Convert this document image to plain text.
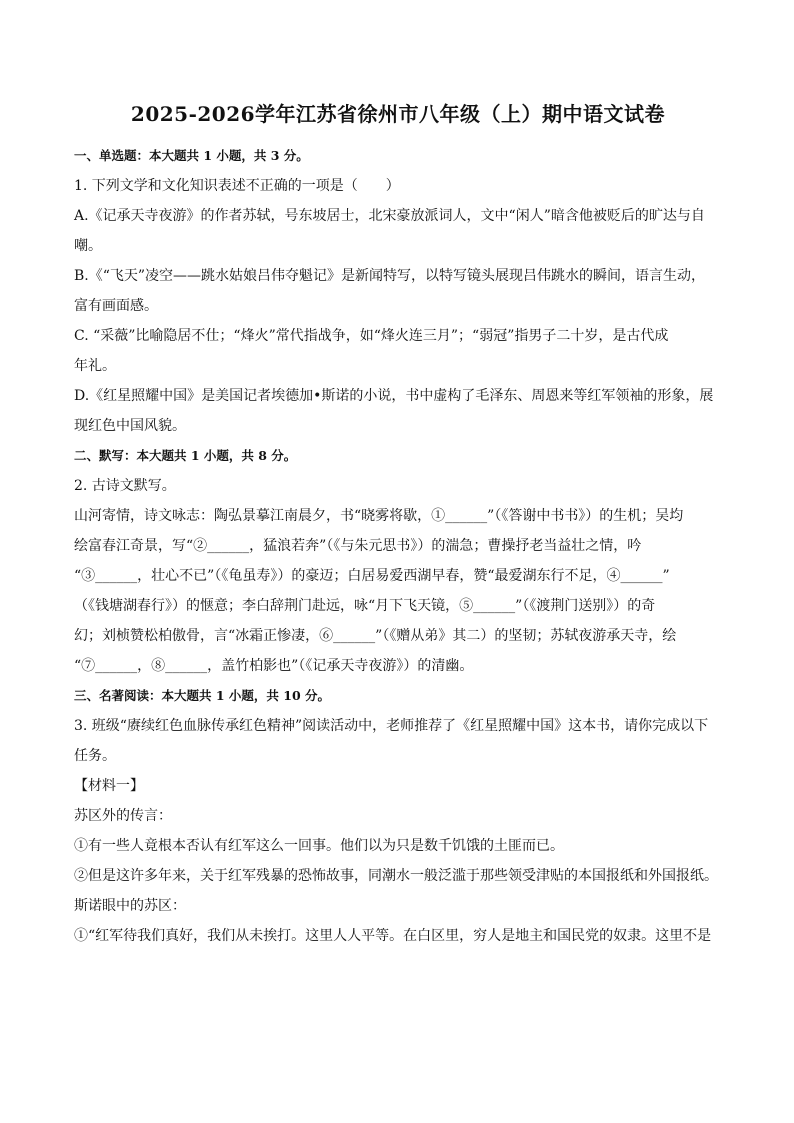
2025-2026学年江苏省徐州市八年级（上）期中语文试卷

一、单选题：本大题共 1 小题，共 3 分。

1. 下列文学和文化知识表述不正确的一项是（　　）

A.《记承天寺夜游》的作者苏轼，号东坡居士，北宋豪放派词人，文中“闲人”暗含他被贬后的旷达与自

嘲。

B.《“飞天”凌空——跳水姑娘吕伟夺魁记》是新闻特写，以特写镜头展现吕伟跳水的瞬间，语言生动，

富有画面感。

C. “采薇”比喻隐居不仕；“烽火”常代指战争，如“烽火连三月”；“弱冠”指男子二十岁，是古代成

年礼。

D.《红星照耀中国》是美国记者埃德加•斯诺的小说，书中虚构了毛泽东、周恩来等红军领袖的形象，展

现红色中国风貌。

二、默写：本大题共 1 小题，共 8 分。

2. 古诗文默写。

山河寄情，诗文咏志：陶弘景摹江南晨夕，书“晓雾将歇，①______”（《答谢中书书》）的生机；吴均

绘富春江奇景，写“②______，猛浪若奔”（《与朱元思书》）的湍急；曹操抒老当益壮之情，吟

“③______，壮心不已”（《龟虽寿》）的豪迈；白居易爱西湖早春，赞“最爱湖东行不足，④______”

（《钱塘湖春行》）的惬意；李白辞荆门赴远，咏“月下飞天镜，⑤______”（《渡荆门送别》）的奇

幻；刘桢赞松柏傲骨，言“冰霜正惨凄，⑥______”（《赠从弟》其二）的坚韧；苏轼夜游承天寺，绘

“⑦______，⑧______，盖竹柏影也”（《记承天寺夜游》）的清幽。

三、名著阅读：本大题共 1 小题，共 10 分。

3. 班级“赓续红色血脉传承红色精神”阅读活动中，老师推荐了《红星照耀中国》这本书，请你完成以下

任务。

【材料一】

苏区外的传言：

①有一些人竟根本否认有红军这么一回事。他们以为只是数千饥饿的土匪而已。

②但是这许多年来，关于红军残暴的恐怖故事，同潮水一般泛滥于那些领受津贴的本国报纸和外国报纸。

斯诺眼中的苏区：

①“红军待我们真好，我们从未挨打。这里人人平等。在白区里，穷人是地主和国民党的奴隶。这里不是
